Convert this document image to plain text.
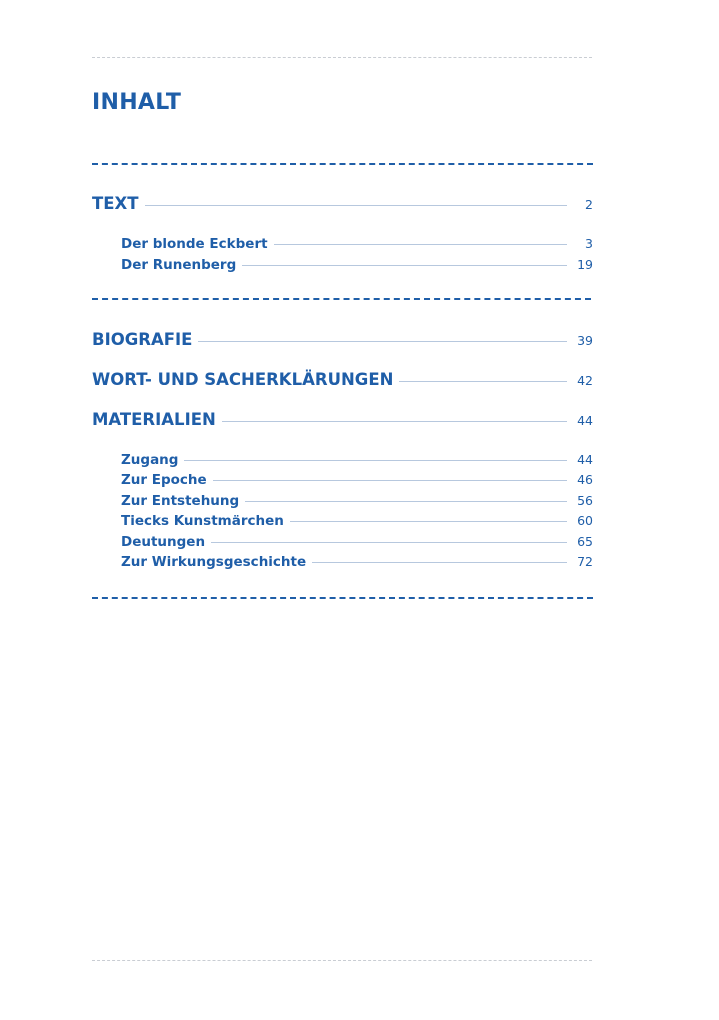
INHALT
TEXT	2
Der blonde Eckbert	3
Der Runenberg	19
BIOGRAFIE	39
WORT- UND SACHERKLÄRUNGEN	42
MATERIALIEN	44
Zugang	44
Zur Epoche	46
Zur Entstehung	56
Tiecks Kunstmärchen	60
Deutungen	65
Zur Wirkungsgeschichte	72
